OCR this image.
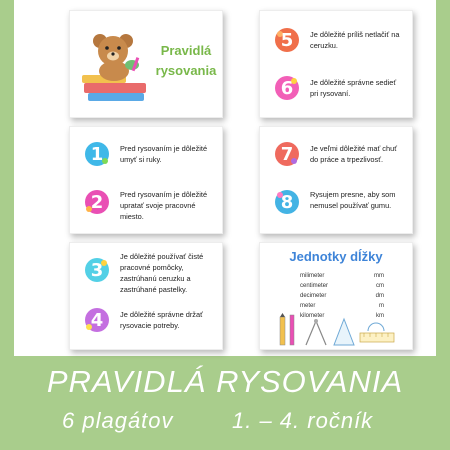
Pravidlá
rysovania
5 Je dôležité príliš netlačiť na ceruzku.
6 Je dôležité správne sedieť pri rysovaní.
1 Pred rysovaním je dôležité umyť si ruky.
2 Pred rysovaním je dôležité upratať svoje pracovné miesto.
7 Je veľmi dôležité mať chuť do práce a trpezlivosť.
8 Rysujem presne, aby som nemusel používať gumu.
3
Je dôležité používať čisté pracovné pomôcky, zastrúhanú ceruzku a zastrúhané pastelky.
4 Je dôležité správne držať rysovacie potreby.
Jednotky dĺžky
milimeter	mm
centimeter	cm
decimeter	dm
meter	m
kilometer	km
PRAVIDLÁ RYSOVANIA
6 plagátov	1. – 4. ročník
